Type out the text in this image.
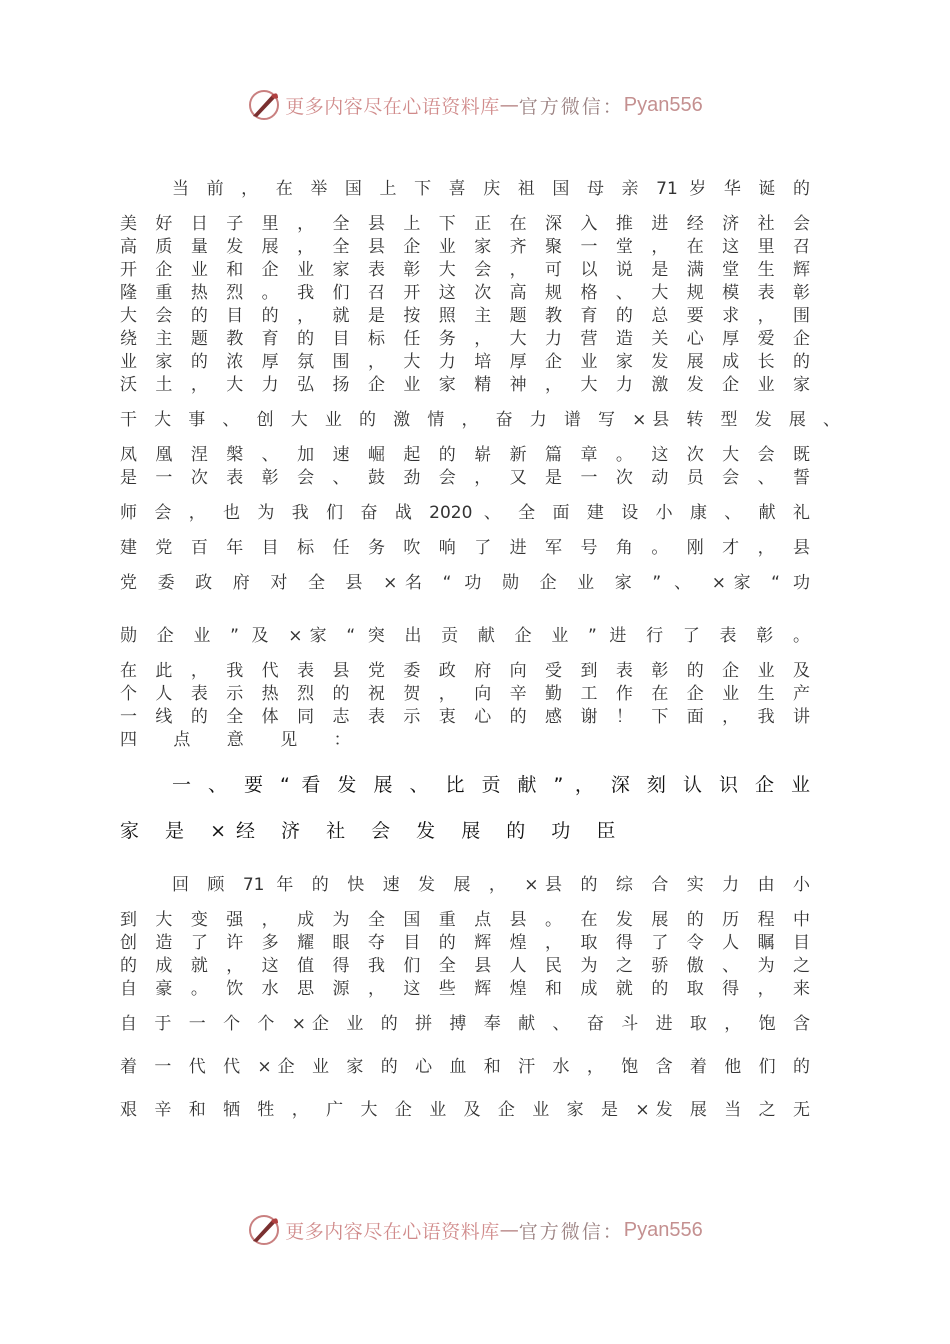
更多内容尽在心语资料库 — 官方微信： Pyan556
当 前 ， 在 举 国 上 下 喜 庆 祖 国 母 亲 71 岁 华 诞 的
美 好 日 子 里 ， 全 县 上 下 正 在 深 入 推 进 经 济 社 会
高 质 量 发 展 ， 全 县 企 业 家 齐 聚 一 堂 ， 在 这 里 召
开 企 业 和 企 业 家 表 彰 大 会 ， 可 以 说 是 满 堂 生 辉
隆 重 热 烈 。 我 们 召 开 这 次 高 规 格 、 大 规 模 表 彰
大 会 的 目 的 ， 就 是 按 照 主 题 教 育 的 总 要 求 ， 围
绕 主 题 教 育 的 目 标 任 务 ， 大 力 营 造 关 心 厚 爱 企
业 家 的 浓 厚 氛 围 ， 大 力 培 厚 企 业 家 发 展 成 长 的
沃 土 ， 大 力 弘 扬 企 业 家 精 神 ， 大 力 激 发 企 业 家
干 大 事 、 创 大 业 的 激 情 ， 奋 力 谱 写 ×县 转 型 发 展 、
凤 凰 涅 槃 、 加 速 崛 起 的 崭 新 篇 章 。 这 次 大 会 既
是 一 次 表 彰 会 、 鼓 劲 会 ， 又 是 一 次 动 员 会 、 誓
师 会 ， 也 为 我 们 奋 战 2020 、 全 面 建 设 小 康 、 献 礼
建 党 百 年 目 标 任 务 吹 响 了 进 军 号 角 。 刚 才 ， 县
党 委 政 府 对 全 县 ×名 “ 功 勋 企 业 家 ” 、 ×家 “ 功
勋 企 业 ” 及 ×家 “ 突 出 贡 献 企 业 ” 进 行 了 表 彰 。
在 此 ， 我 代 表 县 党 委 政 府 向 受 到 表 彰 的 企 业 及
个 人 表 示 热 烈 的 祝 贺 ， 向 辛 勤 工 作 在 企 业 生 产
一 线 的 全 体 同 志 表 示 衷 心 的 感 谢 ！ 下 面 ， 我 讲
四 点 意 见 ：
一 、 要 “ 看 发 展 、 比 贡 献 ” ， 深 刻 认 识 企 业
家 是 ×经 济 社 会 发 展 的 功 臣
回 顾 71 年 的 快 速 发 展 ， ×县 的 综 合 实 力 由 小
到 大 变 强 ， 成 为 全 国 重 点 县 。 在 发 展 的 历 程 中
创 造 了 许 多 耀 眼 夺 目 的 辉 煌 ， 取 得 了 令 人 瞩 目
的 成 就 ， 这 值 得 我 们 全 县 人 民 为 之 骄 傲 、 为 之
自 豪 。 饮 水 思 源 ， 这 些 辉 煌 和 成 就 的 取 得 ， 来
自 于 一 个 个 ×企 业 的 拼 搏 奉 献 、 奋 斗 进 取 ， 饱 含
着 一 代 代 ×企 业 家 的 心 血 和 汗 水 ， 饱 含 着 他 们 的
艰 辛 和 牺 牲 ， 广 大 企 业 及 企 业 家 是 ×发 展 当 之 无
更多内容尽在心语资料库 — 官方微信： Pyan556
